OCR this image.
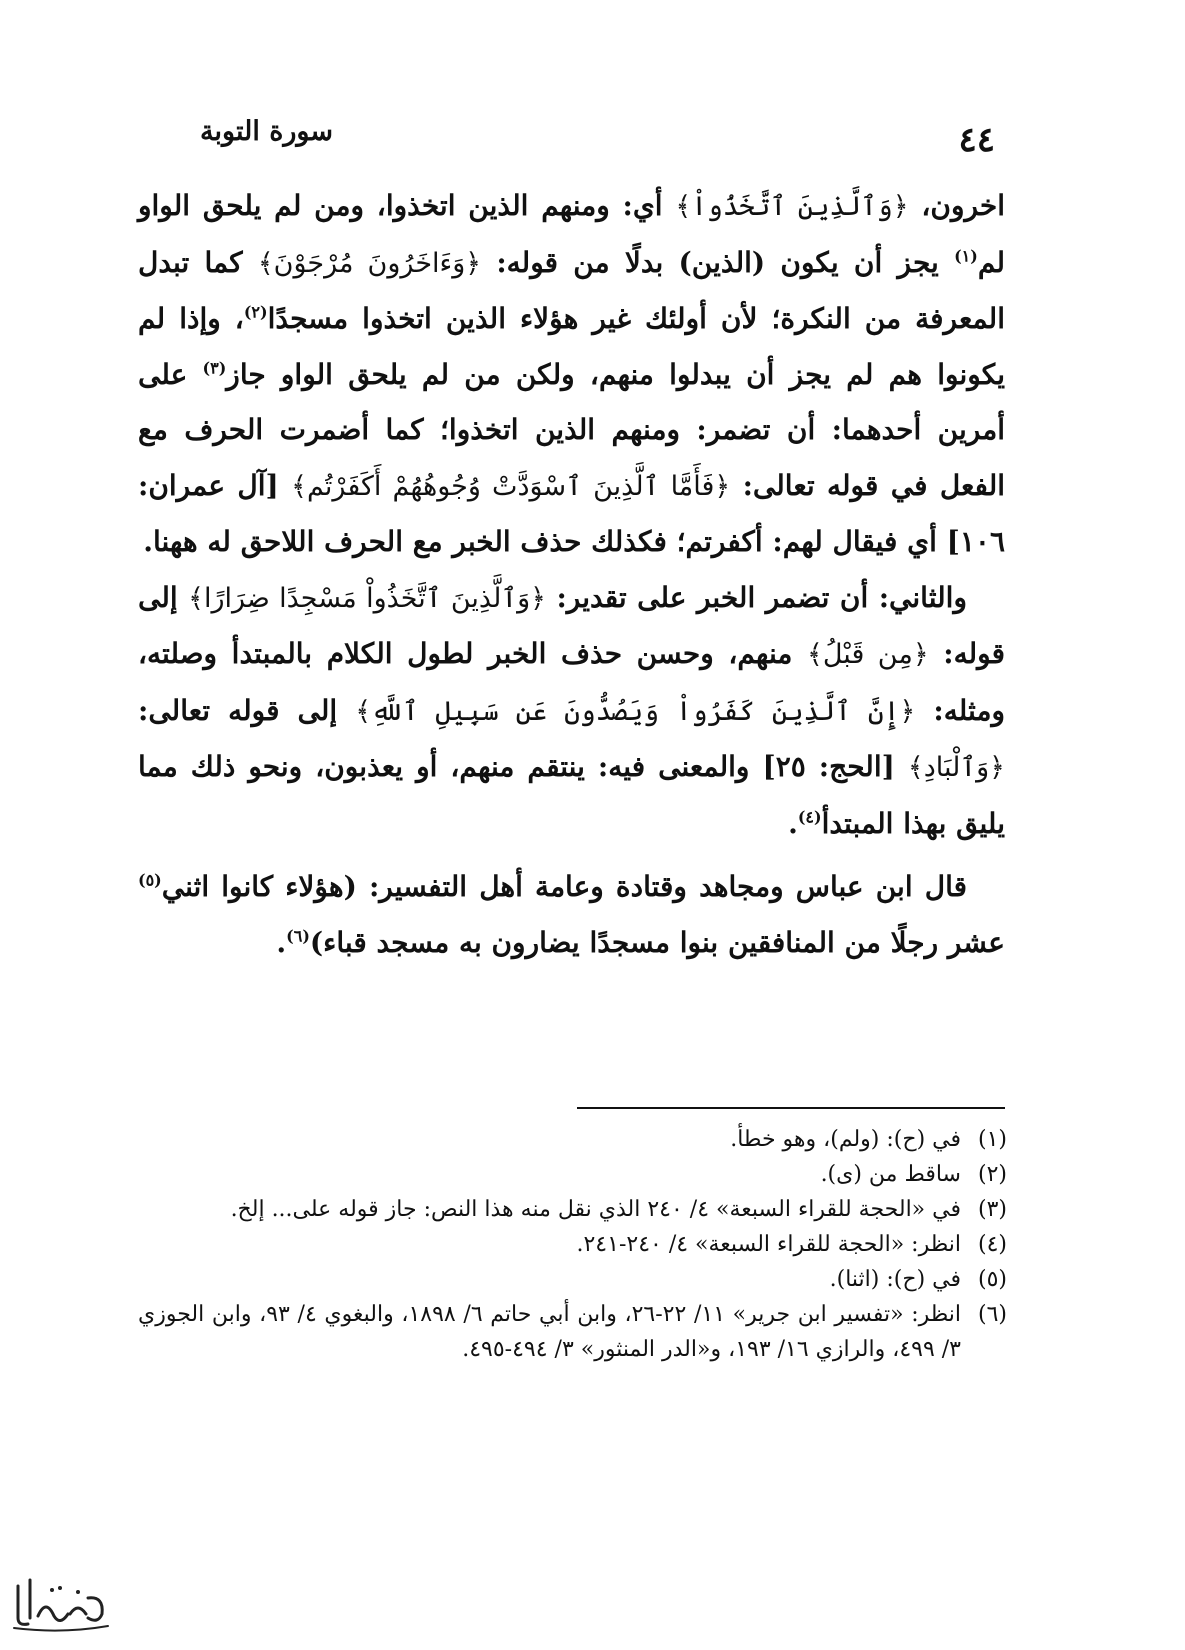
٤٤
سورة التوبة

اخرون، ﴿وَٱلَّذِينَ ٱتَّخَذُواْ﴾ أي: ومنهم الذين اتخذوا، ومن لم يلحق الواو لم$^{(١)}$ يجز أن يكون (الذين) بدلًا من قوله: ﴿وَءَاخَرُونَ مُرْجَوْنَ﴾ كما تبدل المعرفة من النكرة؛ لأن أولئك غير هؤلاء الذين اتخذوا مسجدًا$^{(٢)}$، وإذا لم يكونوا هم لم يجز أن يبدلوا منهم، ولكن من لم يلحق الواو جاز$^{(٣)}$ على أمرين أحدهما: أن تضمر: ومنهم الذين اتخذوا؛ كما أضمرت الحرف مع الفعل في قوله تعالى: ﴿فَأَمَّا ٱلَّذِينَ ٱسْوَدَّتْ وُجُوهُهُمْ أَكَفَرْتُم﴾ [آل عمران: ١٠٦] أي فيقال لهم: أكفرتم؛ فكذلك حذف الخبر مع الحرف اللاحق له ههنا.

والثاني: أن تضمر الخبر على تقدير: ﴿وَٱلَّذِينَ ٱتَّخَذُواْ مَسْجِدًا ضِرَارًا﴾ إلى قوله: ﴿مِن قَبْلُ﴾ منهم، وحسن حذف الخبر لطول الكلام بالمبتدأ وصلته، ومثله: ﴿إِنَّ ٱلَّذِينَ كَفَرُواْ وَيَصُدُّونَ عَن سَبِيلِ ٱللَّهِ﴾ إلى قوله تعالى: ﴿وَٱلْبَادِ﴾ [الحج: ٢٥] والمعنى فيه: ينتقم منهم، أو يعذبون، ونحو ذلك مما يليق بهذا المبتدأ$^{(٤)}$.

قال ابن عباس ومجاهد وقتادة وعامة أهل التفسير: (هؤلاء كانوا اثني$^{(٥)}$ عشر رجلًا من المنافقين بنوا مسجدًا يضارون به مسجد قباء)$^{(٦)}$.

(١)
في (ح): (ولم)، وهو خطأ.
(٢)
ساقط من (ى).
(٣)
في «الحجة للقراء السبعة» ٤/ ٢٤٠ الذي نقل منه هذا النص: جاز قوله على... إلخ.
(٤)
انظر: «الحجة للقراء السبعة» ٤/ ٢٤٠-٢٤١.
(٥)
في (ح): (اثنا).
(٦)
انظر: «تفسير ابن جرير» ١١/ ٢٢-٢٦، وابن أبي حاتم ٦/ ١٨٩٨، والبغوي ٤/ ٩٣، وابن الجوزي ٣/ ٤٩٩، والرازي ١٦/ ١٩٣، و«الدر المنثور» ٣/ ٤٩٤-٤٩٥.
